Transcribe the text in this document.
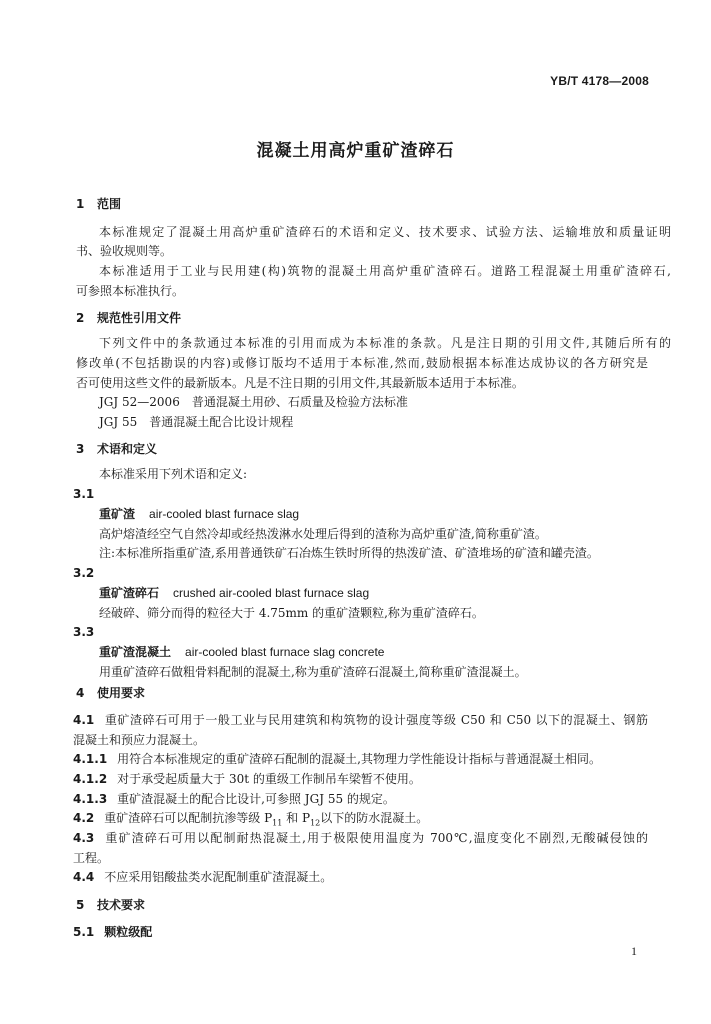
YB/T 4178—2008
混凝土用高炉重矿渣碎石
1 范围
本标准规定了混凝土用高炉重矿渣碎石的术语和定义、技术要求、试验方法、运输堆放和质量证明
书、验收规则等。
本标准适用于工业与民用建(构)筑物的混凝土用高炉重矿渣碎石。道路工程混凝土用重矿渣碎石,
可参照本标准执行。
2 规范性引用文件
下列文件中的条款通过本标准的引用而成为本标准的条款。凡是注日期的引用文件,其随后所有的
修改单(不包括勘误的内容)或修订版均不适用于本标准,然而,鼓励根据本标准达成协议的各方研究是
否可使用这些文件的最新版本。凡是不注日期的引用文件,其最新版本适用于本标准。
JGJ 52—2006　普通混凝土用砂、石质量及检验方法标准
JGJ 55　普通混凝土配合比设计规程
3 术语和定义
本标准采用下列术语和定义:
3.1
重矿渣 air-cooled blast furnace slag
高炉熔渣经空气自然冷却或经热泼淋水处理后得到的渣称为高炉重矿渣,简称重矿渣。
注:本标准所指重矿渣,系用普通铁矿石冶炼生铁时所得的热泼矿渣、矿渣堆场的矿渣和罐壳渣。
3.2
重矿渣碎石 crushed air-cooled blast furnace slag
经破碎、筛分而得的粒径大于 4.75mm 的重矿渣颗粒,称为重矿渣碎石。
3.3
重矿渣混凝土 air-cooled blast furnace slag concrete
用重矿渣碎石做粗骨料配制的混凝土,称为重矿渣碎石混凝土,简称重矿渣混凝土。
4 使用要求
4.1 重矿渣碎石可用于一般工业与民用建筑和构筑物的设计强度等级 C50 和 C50 以下的混凝土、钢筋
混凝土和预应力混凝土。
4.1.1 用符合本标准规定的重矿渣碎石配制的混凝土,其物理力学性能设计指标与普通混凝土相同。
4.1.2 对于承受起质量大于 30t 的重级工作制吊车梁暂不使用。
4.1.3 重矿渣混凝土的配合比设计,可参照 JGJ 55 的规定。
4.2 重矿渣碎石可以配制抗渗等级 $P_{11}$ 和 $P_{12}$以下的防水混凝土。
4.3 重矿渣碎石可用以配制耐热混凝土,用于极限使用温度为 700℃,温度变化不剧烈,无酸碱侵蚀的
工程。
4.4 不应采用铝酸盐类水泥配制重矿渣混凝土。
5 技术要求
5.1 颗粒级配
1
